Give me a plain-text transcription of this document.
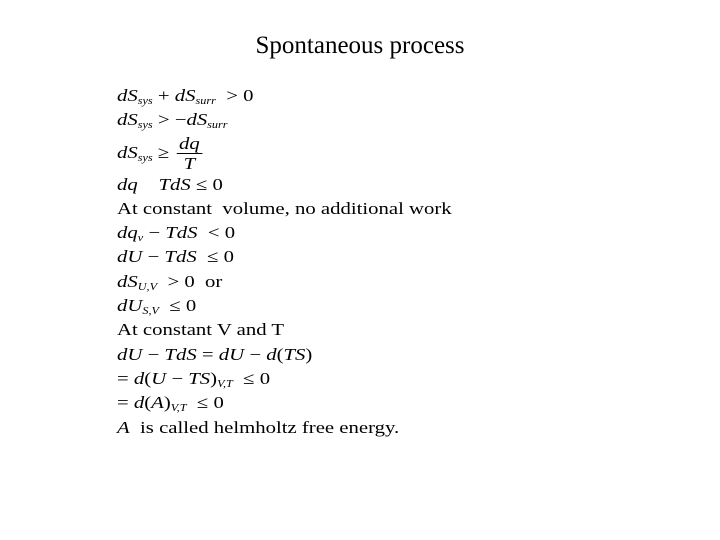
Spontaneous process
$dS_{sys} + dS_{surr} > 0$
$dS_{sys} > -dS_{surr}$
$dS_{sys} \ge \frac{dq}{T}$
dq TdS ≤ 0
At constant  volume, no additional work
$dq_v$ − TdS  < 0
dU − TdS  ≤ 0
$dS_{U,V} > 0$  or
$dU_{S,V} \le 0$
At constant V and T
dU − TdS = dU − d(TS)
= $d(U - TS)_{V,T} \le 0$
= $d(A)_{V,T} \le 0$
A  is called helmholtz free energy.
